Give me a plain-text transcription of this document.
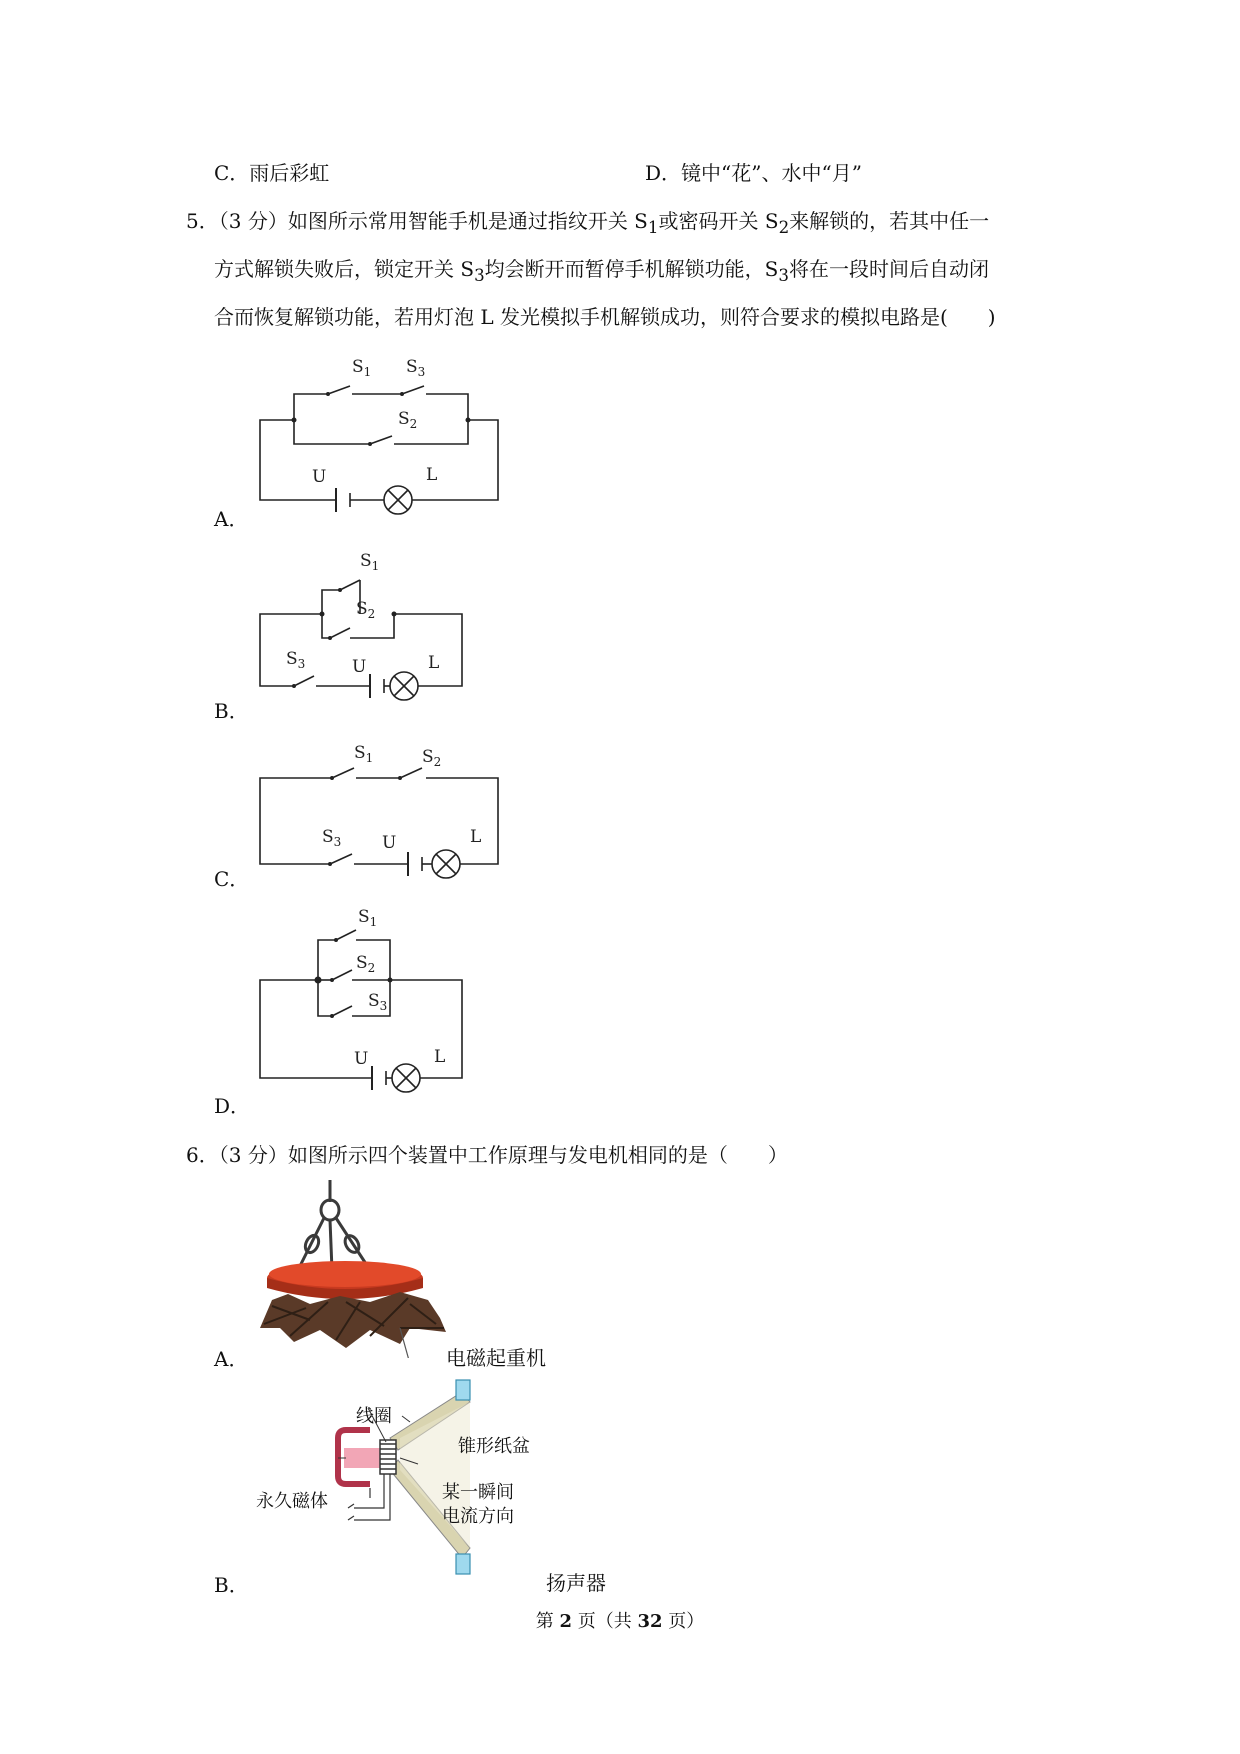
C．雨后彩虹	D．镜中“花”、水中“月”
5．（3 分）如图所示常用智能手机是通过指纹开关 $S_1$或密码开关 $S_2$来解锁的，若其中任一
方式解锁失败后，锁定开关 $S_3$均会断开而暂停手机解锁功能，$S_3$将在一段时间后自动闭
合而恢复解锁功能，若用灯泡 L 发光模拟手机解锁成功，则符合要求的模拟电路是(　　)
A．
$S_1$ $S_3$
$S_2$
U	L
B．
$S_1$
$S_2$
$S_3$	U	L
C．
$S_1$	$S_2$
$S_3$ U	L
D．
$S_1$
$S_2$
$S_3$
U	L
6．（3 分）如图所示四个装置中工作原理与发电机相同的是（　　）
A．	电磁起重机
B．
线圈
锥形纸盆
永久磁体	某一瞬间
电流方向
扬声器
第 2 页（共 32 页）
